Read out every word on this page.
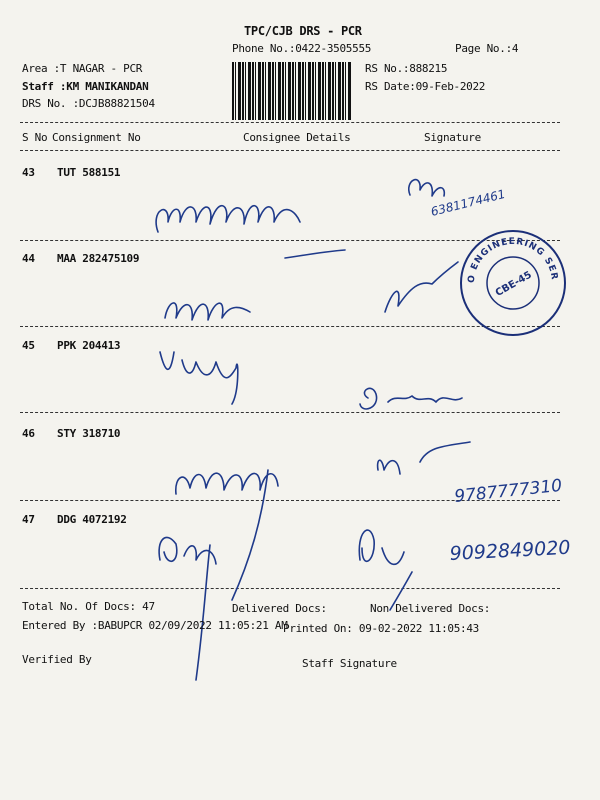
TPC/CJB DRS - PCR
Phone No.:0422-3505555	Page No.:4
Area :T NAGAR - PCR
Staff :KM MANIKANDAN
DRS No. :DCJB88821504
RS No.:888215
RS Date:09-Feb-2022
S No Consignment No	Consignee Details	Signature
43 TUT 588151
44 MAA 282475109
45 PPK 204413
46 STY 318710
47 DDG 4072192
6381174461
9787777310
9092849020
O ENGINEERING SER
CBE-45
Total No. Of Docs: 47	Delivered Docs:	Non Delivered Docs:
Entered By :BABUPCR 02/09/2022 11:05:21 AM
Printed On: 09-02-2022 11:05:43
Verified By	Staff Signature
